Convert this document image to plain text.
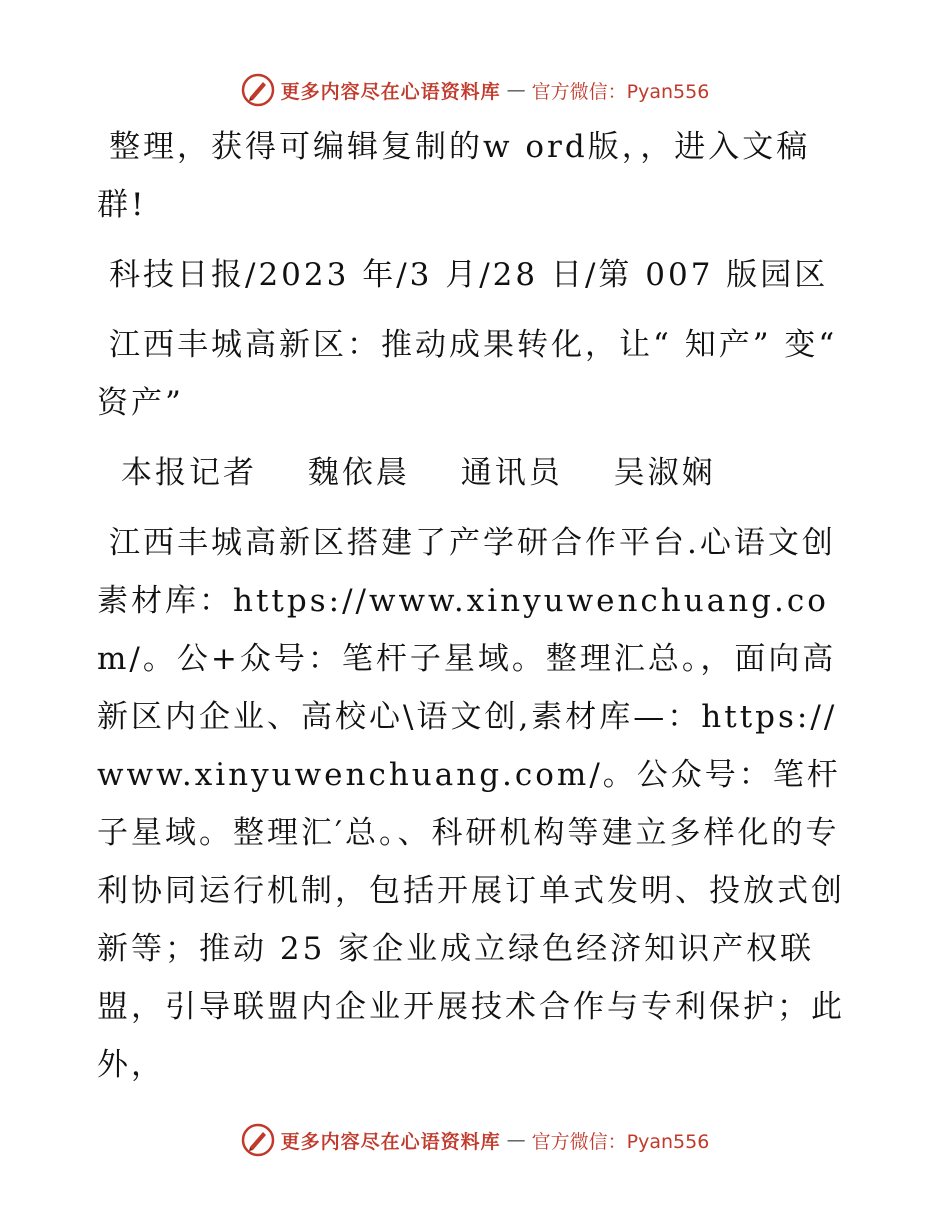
更多内容尽在心语资料库 — 官方微信：Pyan556

整理，获得可编辑复制的w ord版，，进入文稿群!

科技日报/2023 年/3 月/28 日/第 007 版园区

江西丰城高新区：推动成果转化，让“ 知产” 变“ 资产”

本报记者 魏依晨 通讯员 吴淑娴

江西丰城高新区搭建了产学研合作平台.心语文创素材库：https://www.xinyuwenchuang.com/。公+众号：笔杆子星域。整理汇总。，面向高新区内企业、高校心\语文创,素材库—：https://www.xinyuwenchuang.com/。公众号：笔杆子星域。整理汇′总。、科研机构等建立多样化的专利协同运行机制，包括开展订单式发明、投放式创新等；推动 25 家企业成立绿色经济知识产权联盟，引导联盟内企业开展技术合作与专利保护；此外，

更多内容尽在心语资料库 — 官方微信：Pyan556
